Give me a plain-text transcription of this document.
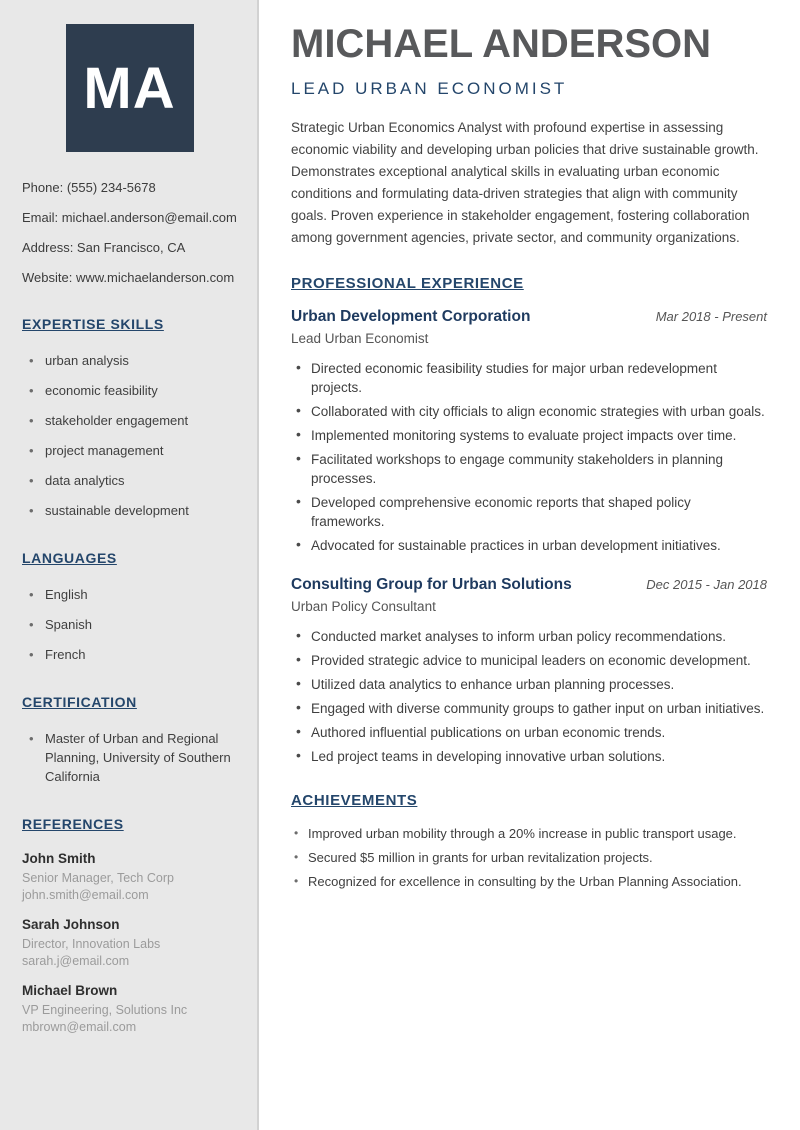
MA
Phone: (555) 234-5678
Email: michael.anderson@email.com
Address: San Francisco, CA
Website: www.michaelanderson.com
EXPERTISE SKILLS
• urban analysis
• economic feasibility
• stakeholder engagement
• project management
• data analytics
• sustainable development
LANGUAGES
• English
• Spanish
• French
CERTIFICATION
• Master of Urban and Regional Planning, University of Southern California
REFERENCES
John Smith
Senior Manager, Tech Corp
john.smith@email.com
Sarah Johnson
Director, Innovation Labs
sarah.j@email.com
Michael Brown
VP Engineering, Solutions Inc
mbrown@email.com
MICHAEL ANDERSON
LEAD URBAN ECONOMIST

Strategic Urban Economics Analyst with profound expertise in assessing economic viability and developing urban policies that drive sustainable growth. Demonstrates exceptional analytical skills in evaluating urban economic conditions and formulating data-driven strategies that align with community goals. Proven experience in stakeholder engagement, fostering collaboration among government agencies, private sector, and community organizations.

PROFESSIONAL EXPERIENCE
Urban Development Corporation	Mar 2018 - Present
Lead Urban Economist
• Directed economic feasibility studies for major urban redevelopment projects.
• Collaborated with city officials to align economic strategies with urban goals.
• Implemented monitoring systems to evaluate project impacts over time.
• Facilitated workshops to engage community stakeholders in planning processes.
• Developed comprehensive economic reports that shaped policy frameworks.
• Advocated for sustainable practices in urban development initiatives.
Consulting Group for Urban Solutions	Dec 2015 - Jan 2018
Urban Policy Consultant
• Conducted market analyses to inform urban policy recommendations.
• Provided strategic advice to municipal leaders on economic development.
• Utilized data analytics to enhance urban planning processes.
• Engaged with diverse community groups to gather input on urban initiatives.
• Authored influential publications on urban economic trends.
• Led project teams in developing innovative urban solutions.
ACHIEVEMENTS
• Improved urban mobility through a 20% increase in public transport usage.
• Secured $5 million in grants for urban revitalization projects.
• Recognized for excellence in consulting by the Urban Planning Association.
